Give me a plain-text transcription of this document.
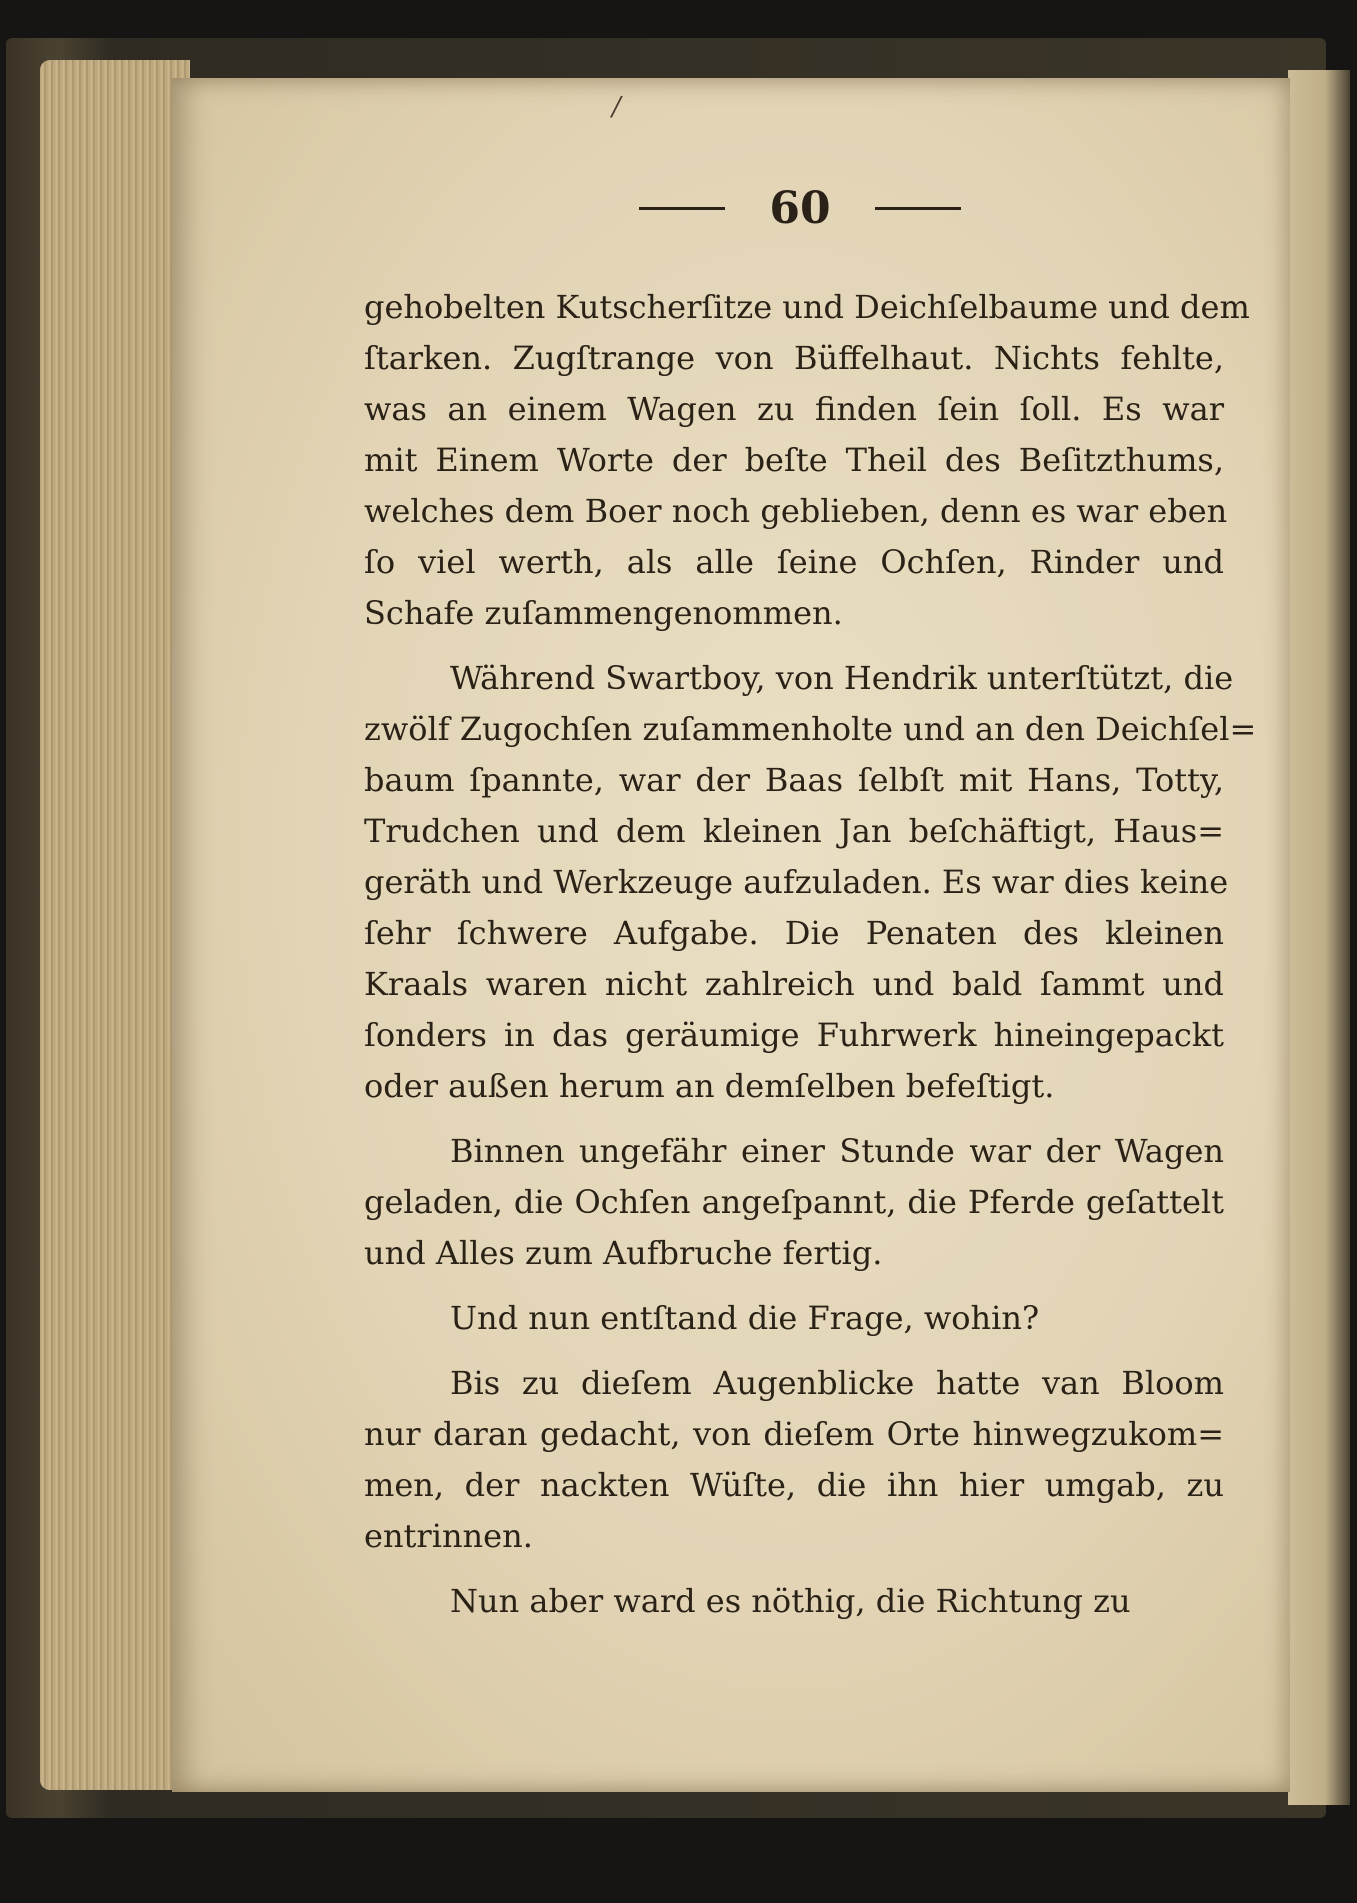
/
60
gehobelten Kutscherſitze und Deichſelbaume und dem
ſtarken. Zugſtrange von Büffelhaut. Nichts fehlte,
was an einem Wagen zu finden ſein ſoll. Es war
mit Einem Worte der beſte Theil des Beſitzthums,
welches dem Boer noch geblieben, denn es war eben
ſo viel werth, als alle ſeine Ochſen, Rinder und
Schafe zuſammengenommen.
Während Swartboy, von Hendrik unterſtützt, die
zwölf Zugochſen zuſammenholte und an den Deichſel=
baum ſpannte, war der Baas ſelbſt mit Hans, Totty,
Trudchen und dem kleinen Jan beſchäftigt, Haus=
geräth und Werkzeuge aufzuladen. Es war dies keine
ſehr ſchwere Aufgabe. Die Penaten des kleinen
Kraals waren nicht zahlreich und bald ſammt und
ſonders in das geräumige Fuhrwerk hineingepackt
oder außen herum an demſelben befeſtigt.
Binnen ungefähr einer Stunde war der Wagen
geladen, die Ochſen angeſpannt, die Pferde geſattelt
und Alles zum Aufbruche fertig.
Und nun entſtand die Frage, wohin?
Bis zu dieſem Augenblicke hatte van Bloom
nur daran gedacht, von dieſem Orte hinwegzukom=
men, der nackten Wüſte, die ihn hier umgab, zu
entrinnen.
Nun aber ward es nöthig, die Richtung zu
